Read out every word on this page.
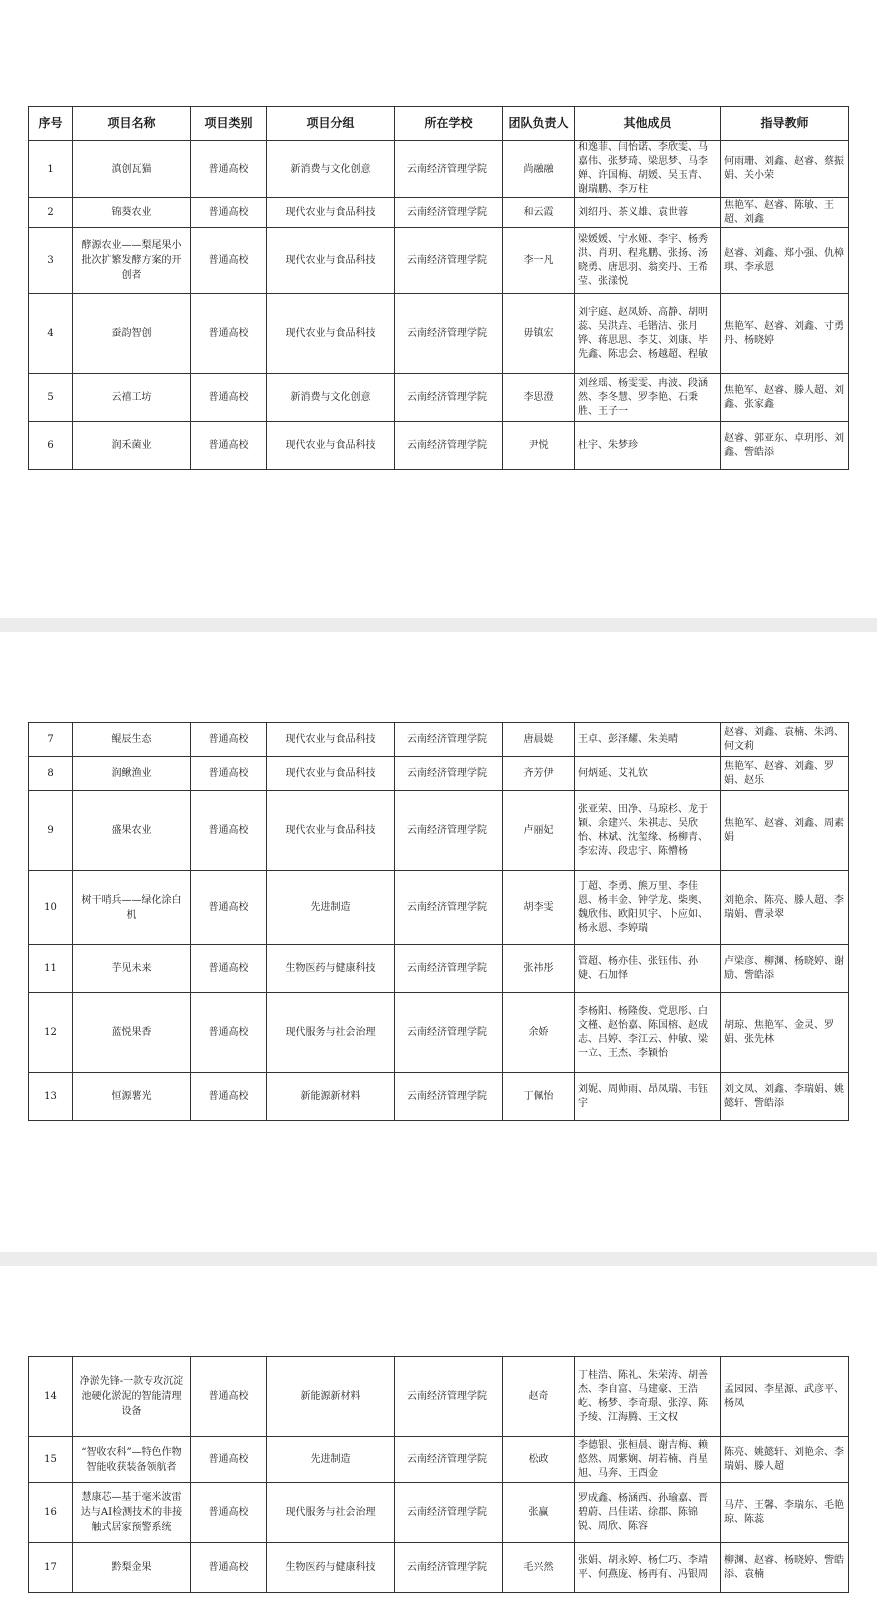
序号	项目名称	项目类别	项目分组	所在学校	团队负责人	其他成员	指导教师
1	滇创瓦猫	普通高校	新消费与文化创意	云南经济管理学院	尚融融	和逸菲、闫怡诺、李欣雯、马嘉伟、张梦琦、梁思梦、马李婵、许国梅、胡媛、吴玉青、谢瑞鹏、李万柱	何雨珊、刘鑫、赵睿、蔡振娟、关小荣
2	锦葵农业	普通高校	现代农业与食品科技	云南经济管理学院	和云霞	刘绍丹、茶义雄、袁世蓉	焦艳军、赵睿、陈敏、王超、刘鑫
3	酵源农业——梨尾果小批次扩繁发酵方案的开创者	普通高校	现代农业与食品科技	云南经济管理学院	李一凡	梁媛媛、宁水娅、李宇、杨秀洪、肖玥、程兆鹏、张扬、汤晓勇、唐思羽、翁奕丹、王希莹、张漾悦	赵睿、刘鑫、郑小强、仇樟琪、李承恩
4	蚕韵智创	普通高校	现代农业与食品科技	云南经济管理学院	毋镇宏	刘宇庭、赵凤娇、高静、胡明蕊、吴洪垚、毛锴洁、张月铧、蒋思思、李艾、刘康、毕先鑫、陈忠会、杨越超、程敏	焦艳军、赵睿、刘鑫、寸勇丹、杨晓婷
5	云禧工坊	普通高校	新消费与文化创意	云南经济管理学院	李思澄	刘丝瑶、杨雯雯、冉波、段涵然、李冬慧、罗李艳、石秉胜、王子一	焦艳军、赵睿、滕人超、刘鑫、张家鑫
6	润禾菌业	普通高校	现代农业与食品科技	云南经济管理学院	尹悦	杜宇、朱梦珍	赵睿、郭亚东、卓玥彤、刘鑫、訾皓添
7	鲲辰生态	普通高校	现代农业与食品科技	云南经济管理学院	唐晨媞	王卓、彭泽耀、朱美晴	赵睿、刘鑫、袁楠、朱鸿、何文莉
8	润鳅渔业	普通高校	现代农业与食品科技	云南经济管理学院	齐芳伊	何炳延、艾礼钦	焦艳军、赵睿、刘鑫、罗娟、赵乐
9	盛果农业	普通高校	现代农业与食品科技	云南经济管理学院	卢丽妃	张亚荣、田净、马琼杉、龙于颖、余建兴、朱祺志、吴欣怡、林斌、沈玺缘、杨柳青、李宏涛、段忠宇、陈懵杨	焦艳军、赵睿、刘鑫、周素娟
10	树干哨兵——绿化涂白机	普通高校	先进制造	云南经济管理学院	胡李雯	丁超、李勇、熊万里、李佳恩、杨丰金、钟学龙、柴奥、魏欣伟、欧阳贝宇、卜应如、杨永恩、李婷瑞	刘艳余、陈亮、滕人超、李瑞娟、曹录翠
11	芋见未来	普通高校	生物医药与健康科技	云南经济管理学院	张祎彤	管超、杨亦佳、张钰伟、孙婕、石加怿	卢梁彦、柳渊、杨晓婷、谢励、訾皓添
12	蓝悦果香	普通高校	现代服务与社会治理	云南经济管理学院	余娇	李杨阳、杨隆俊、党思彤、白文槿、赵怡嘉、陈国榕、赵成志、吕婷、李江云、仲敏、梁一立、王杰、李颖怡	胡琼、焦艳军、金灵、罗娟、张先林
13	恒源薯光	普通高校	新能源新材料	云南经济管理学院	丁佩怡	刘妮、周帅雨、昂凤瑞、韦钰宇	刘文凤、刘鑫、李瑞娟、姚懿轩、訾皓添
14	净淤先锋-一款专攻沉淀池硬化淤泥的智能清理设备	普通高校	新能源新材料	云南经济管理学院	赵奇	丁桂浩、陈礼、朱荣涛、胡善杰、李自富、马建豪、王浩屹、杨梦、李奇璟、张淳、陈予绫、江海腾、王文权	孟园园、李星源、武彦平、杨凤
15	“智收农科”—特色作物智能收获装备领航者	普通高校	先进制造	云南经济管理学院	松政	李德银、张桓晨、谢吉梅、赖悠然、周紫娴、胡若楠、肖星旭、马奔、王酉金	陈亮、姚懿轩、刘艳余、李瑞娟、滕人超
16	慧康芯—基于毫米波雷达与AI检测技术的非接触式居家预警系统	普通高校	现代服务与社会治理	云南经济管理学院	张赢	罗成鑫、杨涵西、孙瑜嘉、晋碧蔚、吕佳诺、徐郡、陈锦锐、周欣、陈容	马芹、王馨、李瑞东、毛艳琼、陈蕊
17	黔梨金果	普通高校	生物医药与健康科技	云南经济管理学院	毛兴然	张娟、胡永婷、杨仁巧、李靖平、何燕庞、杨再有、冯银周	柳渊、赵睿、杨晓婷、訾皓添、袁楠
